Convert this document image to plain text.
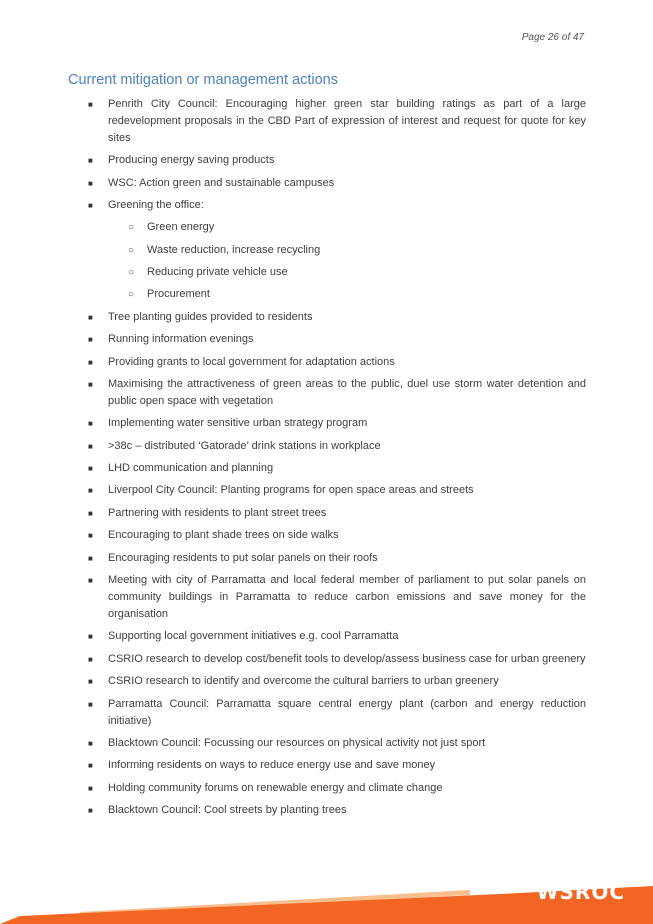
Page 26 of 47
Current mitigation or management actions
■ Penrith City Council: Encouraging higher green star building ratings as part of a large redevelopment proposals in the CBD Part of expression of interest and request for quote for key sites
■ Producing energy saving products
■ WSC: Action green and sustainable campuses
■ Greening the office:
○ Green energy
○ Waste reduction, increase recycling
○ Reducing private vehicle use
○ Procurement
■ Tree planting guides provided to residents
■ Running information evenings
■ Providing grants to local government for adaptation actions
■ Maximising the attractiveness of green areas to the public, duel use storm water detention and public open space with vegetation
■ Implementing water sensitive urban strategy program
■ >38c – distributed ‘Gatorade’ drink stations in workplace
■ LHD communication and planning
■ Liverpool City Council: Planting programs for open space areas and streets
■ Partnering with residents to plant street trees
■ Encouraging to plant shade trees on side walks
■ Encouraging residents to put solar panels on their roofs
■ Meeting with city of Parramatta and local federal member of parliament to put solar panels on community buildings in Parramatta to reduce carbon emissions and save money for the organisation
■ Supporting local government initiatives e.g. cool Parramatta
■ CSRIO research to develop cost/benefit tools to develop/assess business case for urban greenery
■ CSRIO research to identify and overcome the cultural barriers to urban greenery
■ Parramatta Council: Parramatta square central energy plant (carbon and energy reduction initiative)
■ Blacktown Council: Focussing our resources on physical activity not just sport
■ Informing residents on ways to reduce energy use and save money
■ Holding community forums on renewable energy and climate change
■ Blacktown Council: Cool streets by planting trees
WSROC
